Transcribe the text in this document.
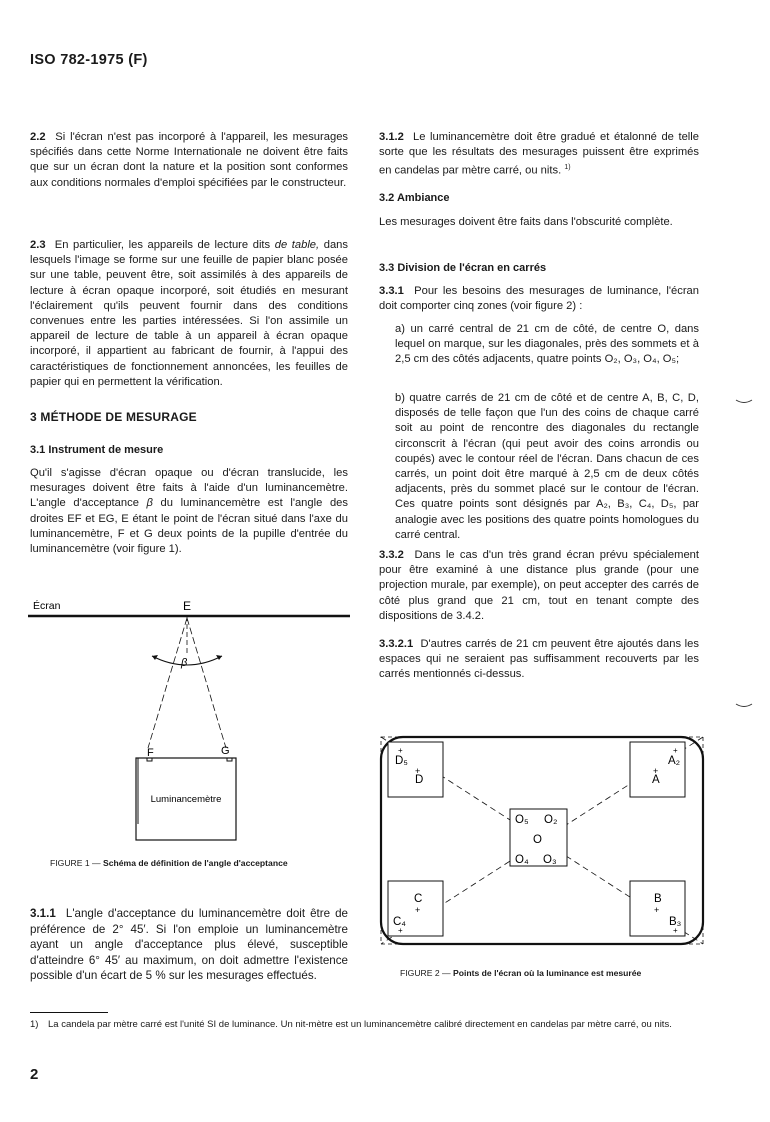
ISO 782-1975 (F)

2.2 Si l'écran n'est pas incorporé à l'appareil, les mesurages spécifiés dans cette Norme Internationale ne doivent être faits que sur un écran dont la nature et la position sont conformes aux conditions normales d'emploi spécifiées par le constructeur.

2.3 En particulier, les appareils de lecture dits de table, dans lesquels l'image se forme sur une feuille de papier blanc posée sur une table, peuvent être, soit assimilés à des appareils de lecture à écran opaque incorporé, soit étudiés en mesurant l'éclairement qu'ils peuvent fournir dans des conditions convenues entre les parties intéressées. Si l'on assimile un appareil de lecture de table à un appareil à écran opaque incorporé, il appartient au fabricant de fournir, à l'appui des caractéristiques de fonctionnement annoncées, les feuilles de papier qui en permettent la vérification.

3 MÉTHODE DE MESURAGE
3.1 Instrument de mesure

Qu'il s'agisse d'écran opaque ou d'écran translucide, les mesurages doivent être faits à l'aide d'un luminancemètre. L'angle d'acceptance β du luminancemètre est l'angle des droites EF et EG, E étant le point de l'écran situé dans l'axe du luminancemètre, F et G deux points de la pupille d'entrée du luminancemètre (voir figure 1).

Écran	E
β
F	G
Luminancemètre
FIGURE 1 — Schéma de définition de l'angle d'acceptance

3.1.1 L'angle d'acceptance du luminancemètre doit être de préférence de 2° 45′. Si l'on emploie un luminancemètre ayant un angle d'acceptance plus élevé, susceptible d'atteindre 6° 45′ au maximum, on doit admettre l'existence possible d'un écart de 5 % sur les mesurages effectués.

3.1.2 Le luminancemètre doit être gradué et étalonné de telle sorte que les résultats des mesurages puissent être exprimés en candelas par mètre carré, ou nits. $^{1)}$

3.2 Ambiance
Les mesurages doivent être faits dans l'obscurité complète.
3.3 Division de l'écran en carrés

3.3.1 Pour les besoins des mesurages de luminance, l'écran doit comporter cinq zones (voir figure 2) :

a) un carré central de 21 cm de côté, de centre O, dans lequel on marque, sur les diagonales, près des sommets et à 2,5 cm des côtés adjacents, quatre points O₂, O₃, O₄, O₅;
b) quatre carrés de 21 cm de côté et de centre A, B, C, D, disposés de telle façon que l'un des coins de chaque carré soit au point de rencontre des diagonales du rectangle circonscrit à l'écran (qui peut avoir des coins arrondis ou coupés) avec le contour réel de l'écran. Dans chacun de ces carrés, un point doit être marqué à 2,5 cm de deux côtés adjacents, près du sommet placé sur le contour de l'écran. Ces quatre points sont désignés par A₂, B₃, C₄, D₅, par analogie avec les positions des quatre points homologues du carré central.

3.3.2 Dans le cas d'un très grand écran prévu spécialement pour être examiné à une distance plus grande (pour une projection murale, par exemple), on peut accepter des carrés de côté plus grand que 21 cm, tout en tenant compte des dispositions de 3.4.2.

3.3.2.1 D'autres carrés de 21 cm peuvent être ajoutés dans les espaces qui ne seraient pas suffisamment recouverts par les carrés mentionnés ci-dessus.

D₅
D
+
+
A₂
A
+
+
O₅ O₂
O
O₄ O₃
C
+
C₄
+
B
+
B₃
+
FIGURE 2 — Points de l'écran où la luminance est mesurée
1) La candela par mètre carré est l'unité SI de luminance. Un nit-mètre est un luminancemètre calibré directement en candelas par mètre carré, ou nits.
2
